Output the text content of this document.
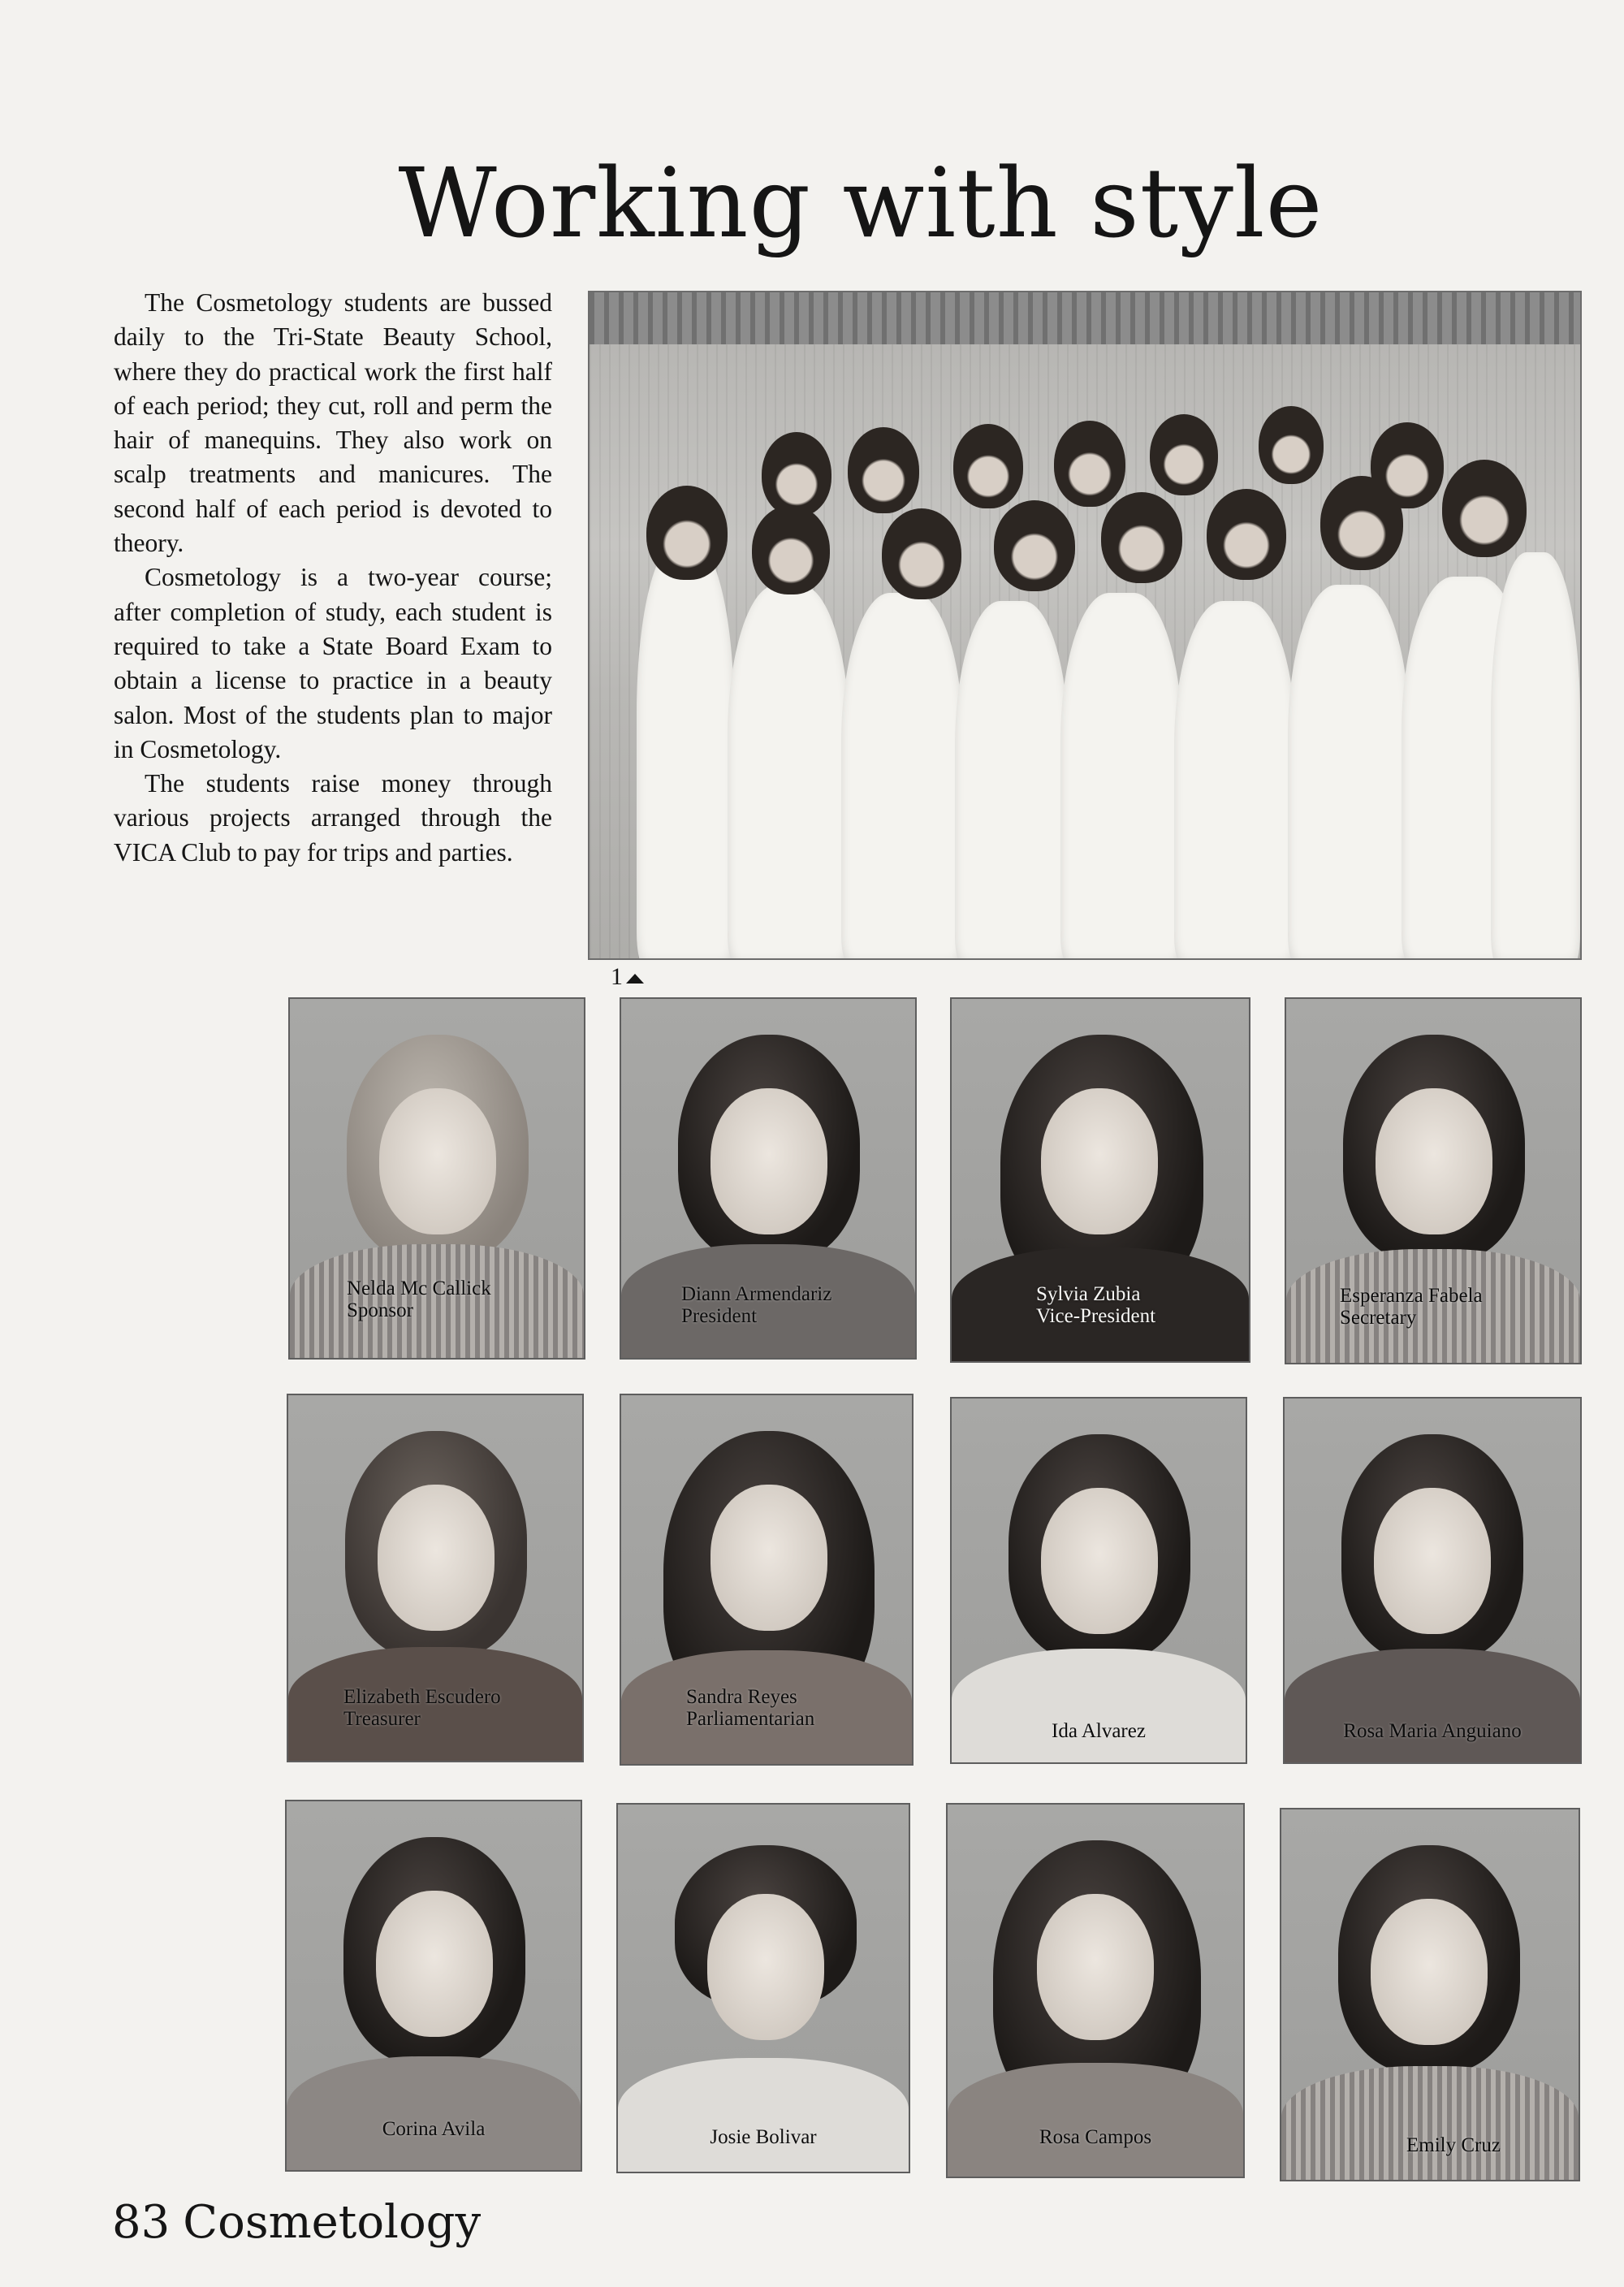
Working with style

The Cosmetology students are bussed daily to the Tri-State Beauty School, where they do practical work the first half of each period; they cut, roll and perm the hair of manequins. They also work on scalp treatments and manicures. The second half of each period is devoted to theory.

Cosmetology is a two-year course; after completion of study, each student is required to take a State Board Exam to obtain a license to practice in a beauty salon. Most of the students plan to major in Cosmetology.

The students raise money through various projects arranged through the VICA Club to pay for trips and parties.

1
Nelda Mc Callick
Sponsor
Diann Armendariz
President
Sylvia Zubia
Vice-President
Esperanza Fabela
Secretary
Elizabeth Escudero
Treasurer
Sandra Reyes
Parliamentarian
Ida Alvarez	Rosa Maria Anguiano
Corina Avila	Josie Bolivar	Rosa Campos	Emily Cruz
83 Cosmetology
